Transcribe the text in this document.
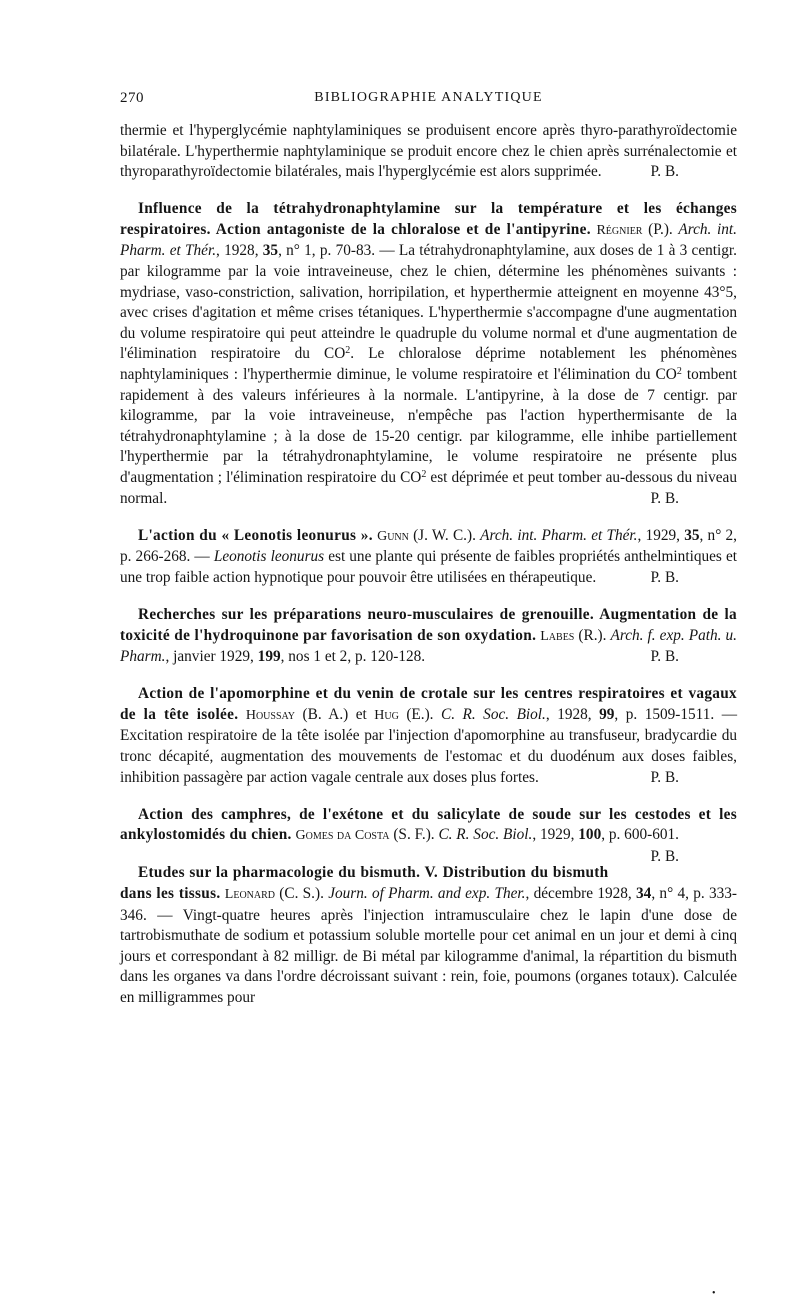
270	BIBLIOGRAPHIE ANALYTIQUE

thermie et l'hyperglycémie naphtylaminiques se produisent encore après thyro-parathyroïdectomie bilatérale. L'hyperthermie naphtylaminique se produit encore chez le chien après surrénalectomie et thyroparathyroïdectomie bilatérales, mais l'hyperglycémie est alors supprimée.	P. B.

Influence de la tétrahydronaphtylamine sur la température et les échanges respiratoires. Action antagoniste de la chloralose et de l'antipyrine. Régnier (P.). Arch. int. Pharm. et Thér., 1928, 35, n° 1, p. 70-83. — La tétrahydronaphtylamine, aux doses de 1 à 3 centigr. par kilogramme par la voie intraveineuse, chez le chien, détermine les phénomènes suivants : mydriase, vaso-constriction, salivation, horripilation, et hyperthermie atteignent en moyenne 43°5, avec crises d'agitation et même crises tétaniques. L'hyperthermie s'accompagne d'une augmentation du volume respiratoire qui peut atteindre le quadruple du volume normal et d'une augmentation de l'élimination respiratoire du $CO^2$. Le chloralose déprime notablement les phénomènes naphtylaminiques : l'hyperthermie diminue, le volume respiratoire et l'élimination du $CO^2$ tombent rapidement à des valeurs inférieures à la normale. L'antipyrine, à la dose de 7 centigr. par kilogramme, par la voie intraveineuse, n'empêche pas l'action hyperthermisante de la tétrahydronaphtylamine ; à la dose de 15-20 centigr. par kilogramme, elle inhibe partiellement l'hyperthermie par la tétrahydronaphtylamine, le volume respiratoire ne présente plus d'augmentation ; l'élimination respiratoire du $CO^2$ est déprimée et peut tomber au-dessous du niveau normal.	P. B.

L'action du « Leonotis leonurus ». Gunn (J. W. C.). Arch. int. Pharm. et Thér., 1929, 35, n° 2, p. 266-268. — Leonotis leonurus est une plante qui présente de faibles propriétés anthelmintiques et une trop faible action hypnotique pour pouvoir être utilisées en thérapeutique.	P. B.

Recherches sur les préparations neuro-musculaires de grenouille. Augmentation de la toxicité de l'hydroquinone par favorisation de son oxydation. Labes (R.). Arch. f. exp. Path. u. Pharm., janvier 1929, 199, nos 1 et 2, p. 120-128.	P. B.

Action de l'apomorphine et du venin de crotale sur les centres respiratoires et vagaux de la tête isolée. Houssay (B. A.) et Hug (E.). C. R. Soc. Biol., 1928, 99, p. 1509-1511. — Excitation respiratoire de la tête isolée par l'injection d'apomorphine au transfuseur, bradycardie du tronc décapité, augmentation des mouvements de l'estomac et du duodénum aux doses faibles, inhibition passagère par action vagale centrale aux doses plus fortes.	P. B.

Action des camphres, de l'exétone et du salicylate de soude sur les cestodes et les ankylostomidés du chien. Gomes da Costa (S. F.). C. R. Soc. Biol., 1929, 100, p. 600-601.
P. B.

Etudes sur la pharmacologie du bismuth. V. Distribution du bismuth dans les tissus. Leonard (C. S.). Journ. of Pharm. and exp. Ther., décembre 1928, 34, n° 4, p. 333-346. — Vingt-quatre heures après l'injection intramusculaire chez le lapin d'une dose de tartrobismuthate de sodium et potassium soluble mortelle pour cet animal en un jour et demi à cinq jours et correspondant à 82 milligr. de Bi métal par kilogramme d'animal, la répartition du bismuth dans les organes va dans l'ordre décroissant suivant : rein, foie, poumons (organes totaux). Calculée en milligrammes pour

•
